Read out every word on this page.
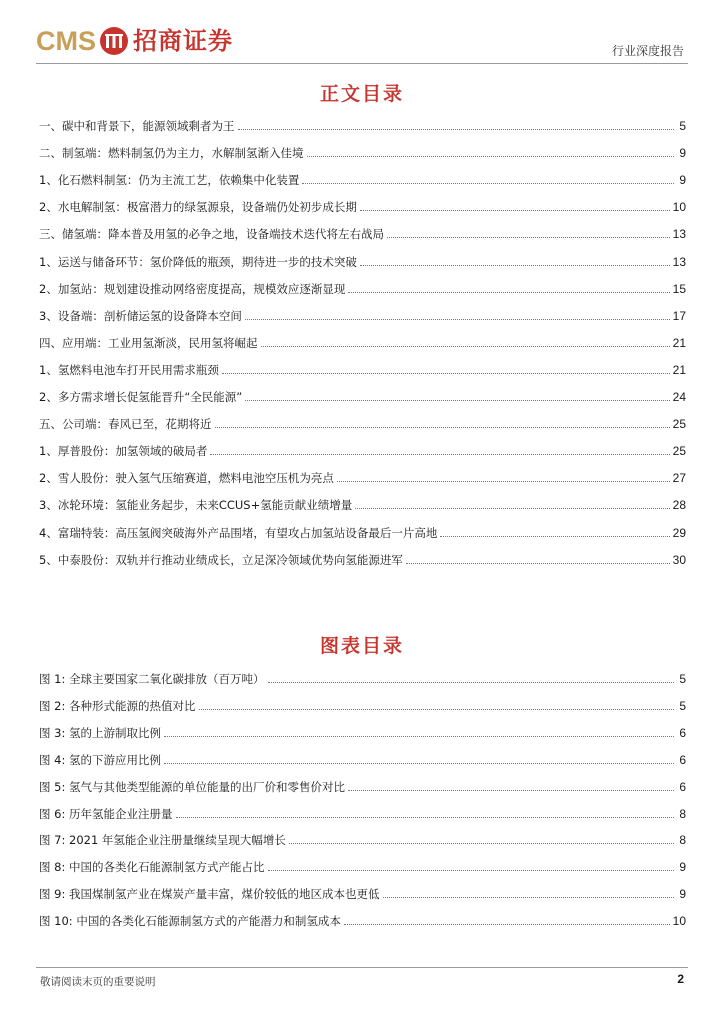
CMS 招商证券	行业深度报告
正文目录
一、碳中和背景下，能源领域剩者为王	5
二、制氢端：燃料制氢仍为主力，水解制氢渐入佳境	9
1、化石燃料制氢：仍为主流工艺，依赖集中化装置	9
2、水电解制氢：极富潜力的绿氢源泉，设备端仍处初步成长期	10
三、储氢端：降本普及用氢的必争之地，设备端技术迭代将左右战局	13
1、运送与储备环节：氢价降低的瓶颈，期待进一步的技术突破	13
2、加氢站：规划建设推动网络密度提高，规模效应逐渐显现	15
3、设备端：剖析储运氢的设备降本空间	17
四、应用端：工业用氢渐淡，民用氢将崛起	21
1、氢燃料电池车打开民用需求瓶颈	21
2、多方需求增长促氢能晋升“全民能源”	24
五、公司端：春风已至，花期将近	25
1、厚普股份：加氢领域的破局者	25
2、雪人股份：驶入氢气压缩赛道，燃料电池空压机为亮点	27
3、冰轮环境：氢能业务起步，未来CCUS+氢能贡献业绩增量	28
4、富瑞特装：高压氢阀突破海外产品围堵，有望攻占加氢站设备最后一片高地	29
5、中泰股份：双轨并行推动业绩成长，立足深冷领域优势向氢能源进军	30
图表目录
图 1: 全球主要国家二氧化碳排放（百万吨）	5
图 2: 各种形式能源的热值对比	5
图 3: 氢的上游制取比例	6
图 4: 氢的下游应用比例	6
图 5: 氢气与其他类型能源的单位能量的出厂价和零售价对比	6
图 6: 历年氢能企业注册量	8
图 7: 2021 年氢能企业注册量继续呈现大幅增长	8
图 8: 中国的各类化石能源制氢方式产能占比	9
图 9: 我国煤制氢产业在煤炭产量丰富，煤价较低的地区成本也更低	9
图 10: 中国的各类化石能源制氢方式的产能潜力和制氢成本	10
敬请阅读末页的重要说明	2
